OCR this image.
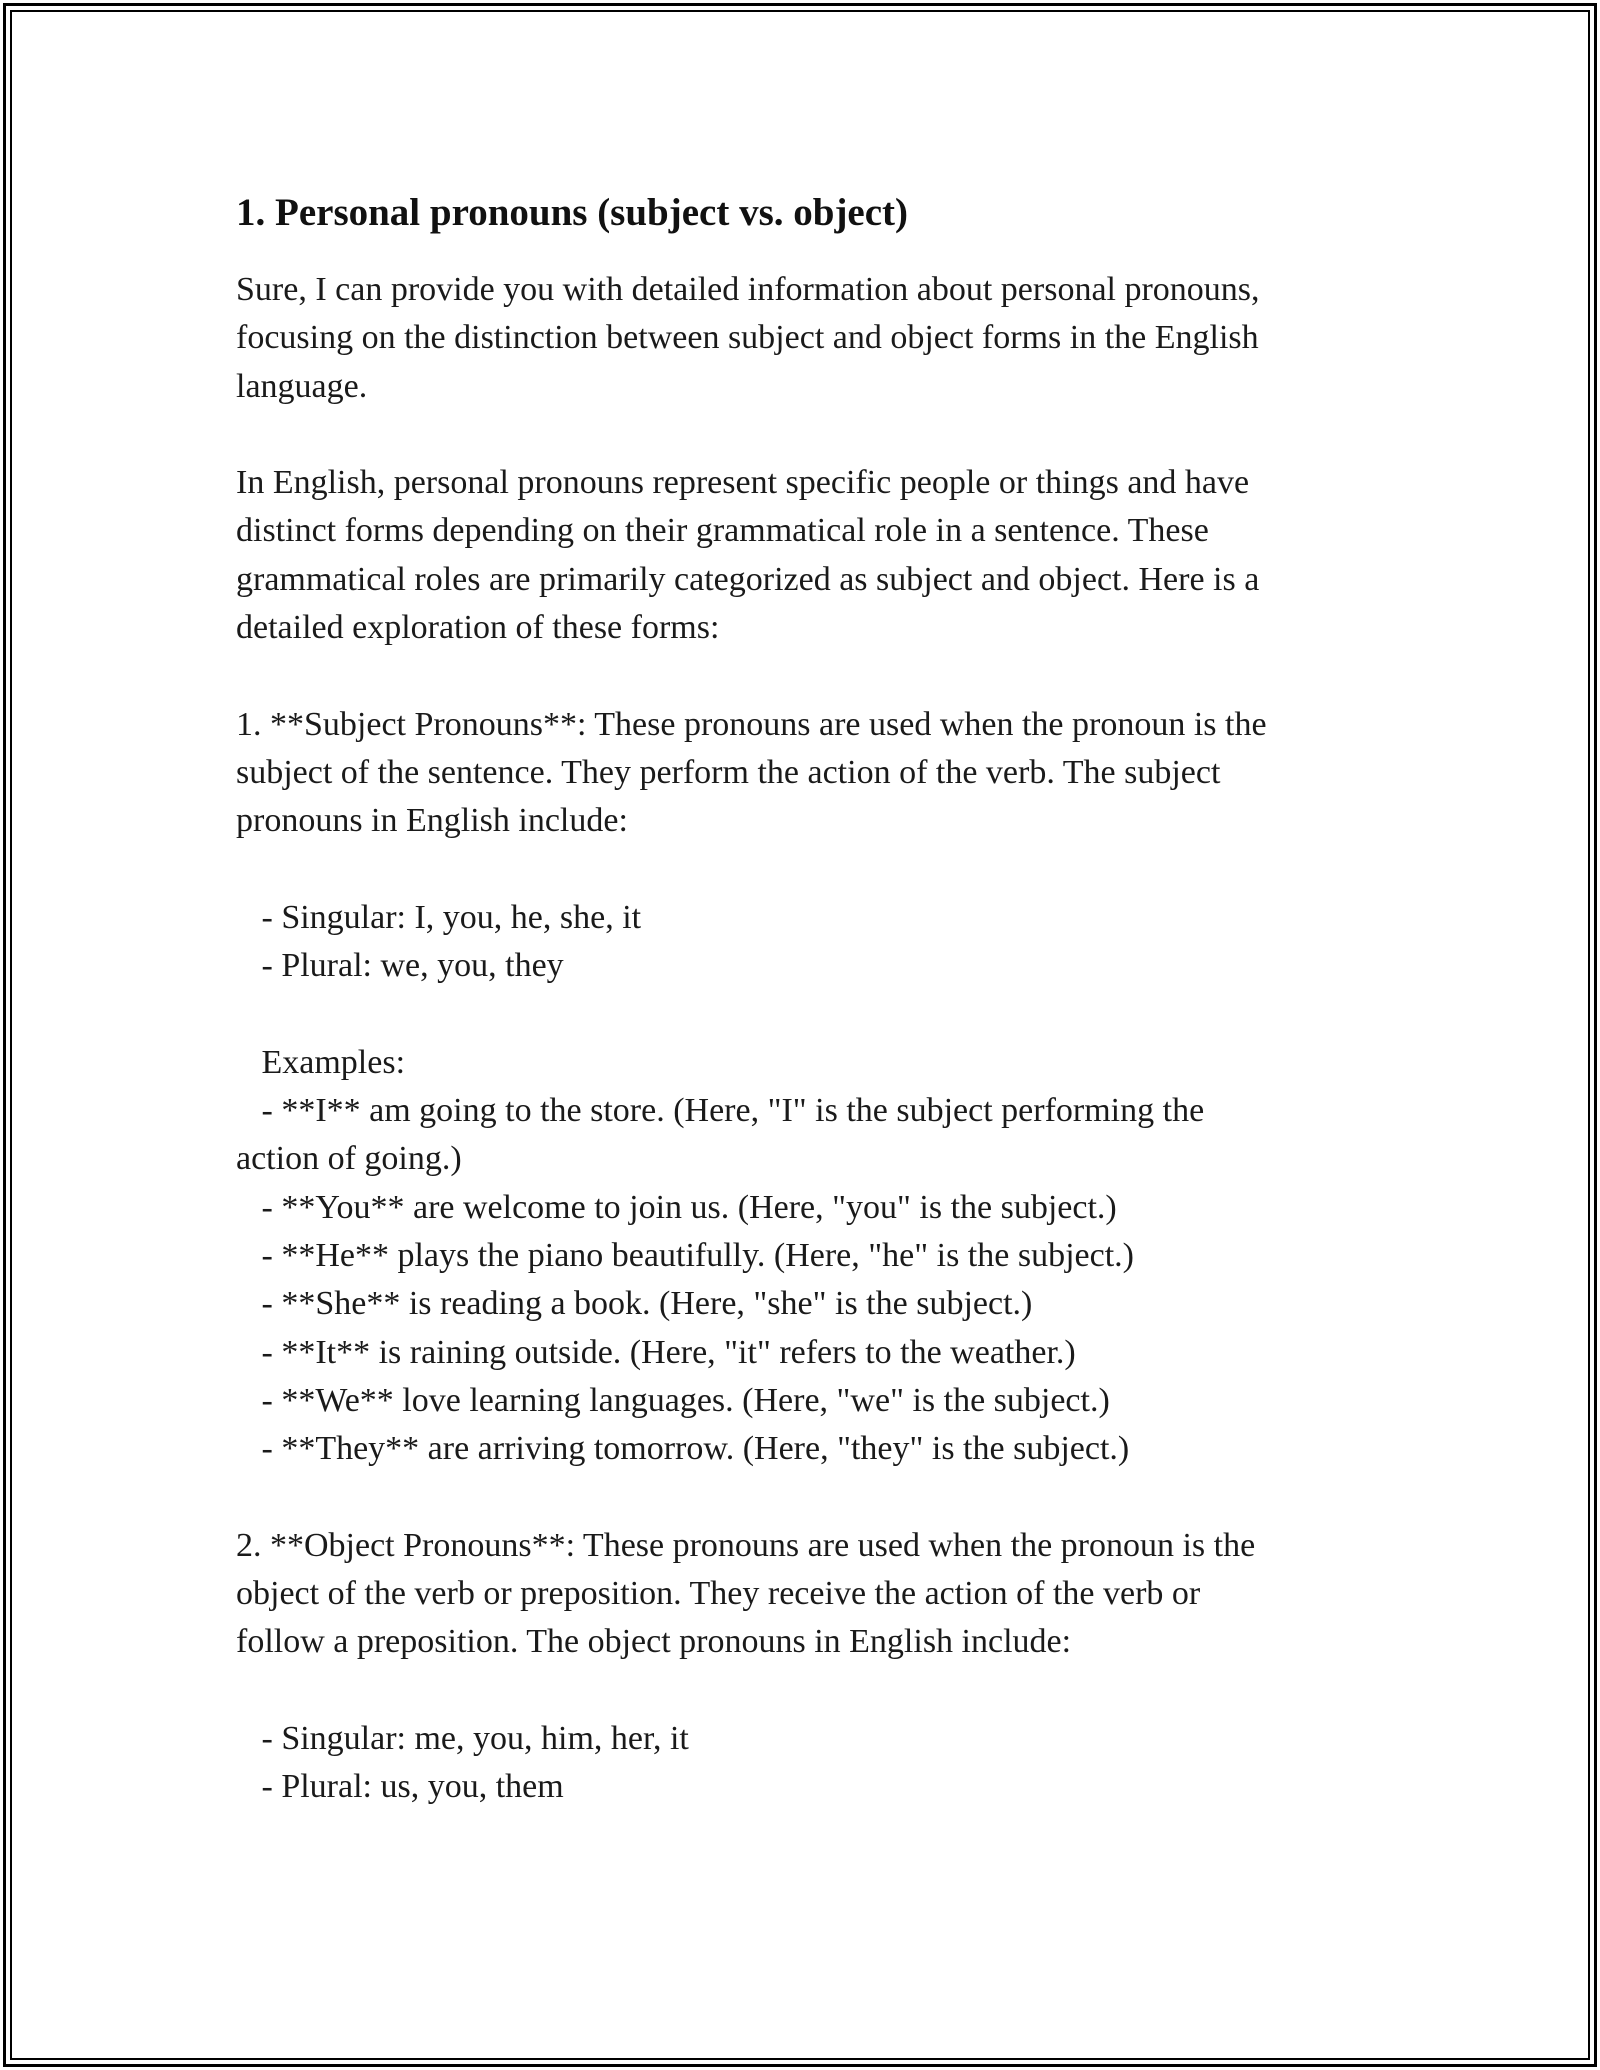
1. Personal pronouns (subject vs. object)

Sure, I can provide you with detailed information about personal pronouns,
focusing on the distinction between subject and object forms in the English
language.

In English, personal pronouns represent specific people or things and have
distinct forms depending on their grammatical role in a sentence. These
grammatical roles are primarily categorized as subject and object. Here is a
detailed exploration of these forms:

1. **Subject Pronouns**: These pronouns are used when the pronoun is the
subject of the sentence. They perform the action of the verb. The subject
pronouns in English include:

- Singular: I, you, he, she, it
- Plural: we, you, they

Examples:
- **I** am going to the store. (Here, "I" is the subject performing the
action of going.)
- **You** are welcome to join us. (Here, "you" is the subject.)
- **He** plays the piano beautifully. (Here, "he" is the subject.)
- **She** is reading a book. (Here, "she" is the subject.)
- **It** is raining outside. (Here, "it" refers to the weather.)
- **We** love learning languages. (Here, "we" is the subject.)
- **They** are arriving tomorrow. (Here, "they" is the subject.)

2. **Object Pronouns**: These pronouns are used when the pronoun is the
object of the verb or preposition. They receive the action of the verb or
follow a preposition. The object pronouns in English include:

- Singular: me, you, him, her, it
- Plural: us, you, them
